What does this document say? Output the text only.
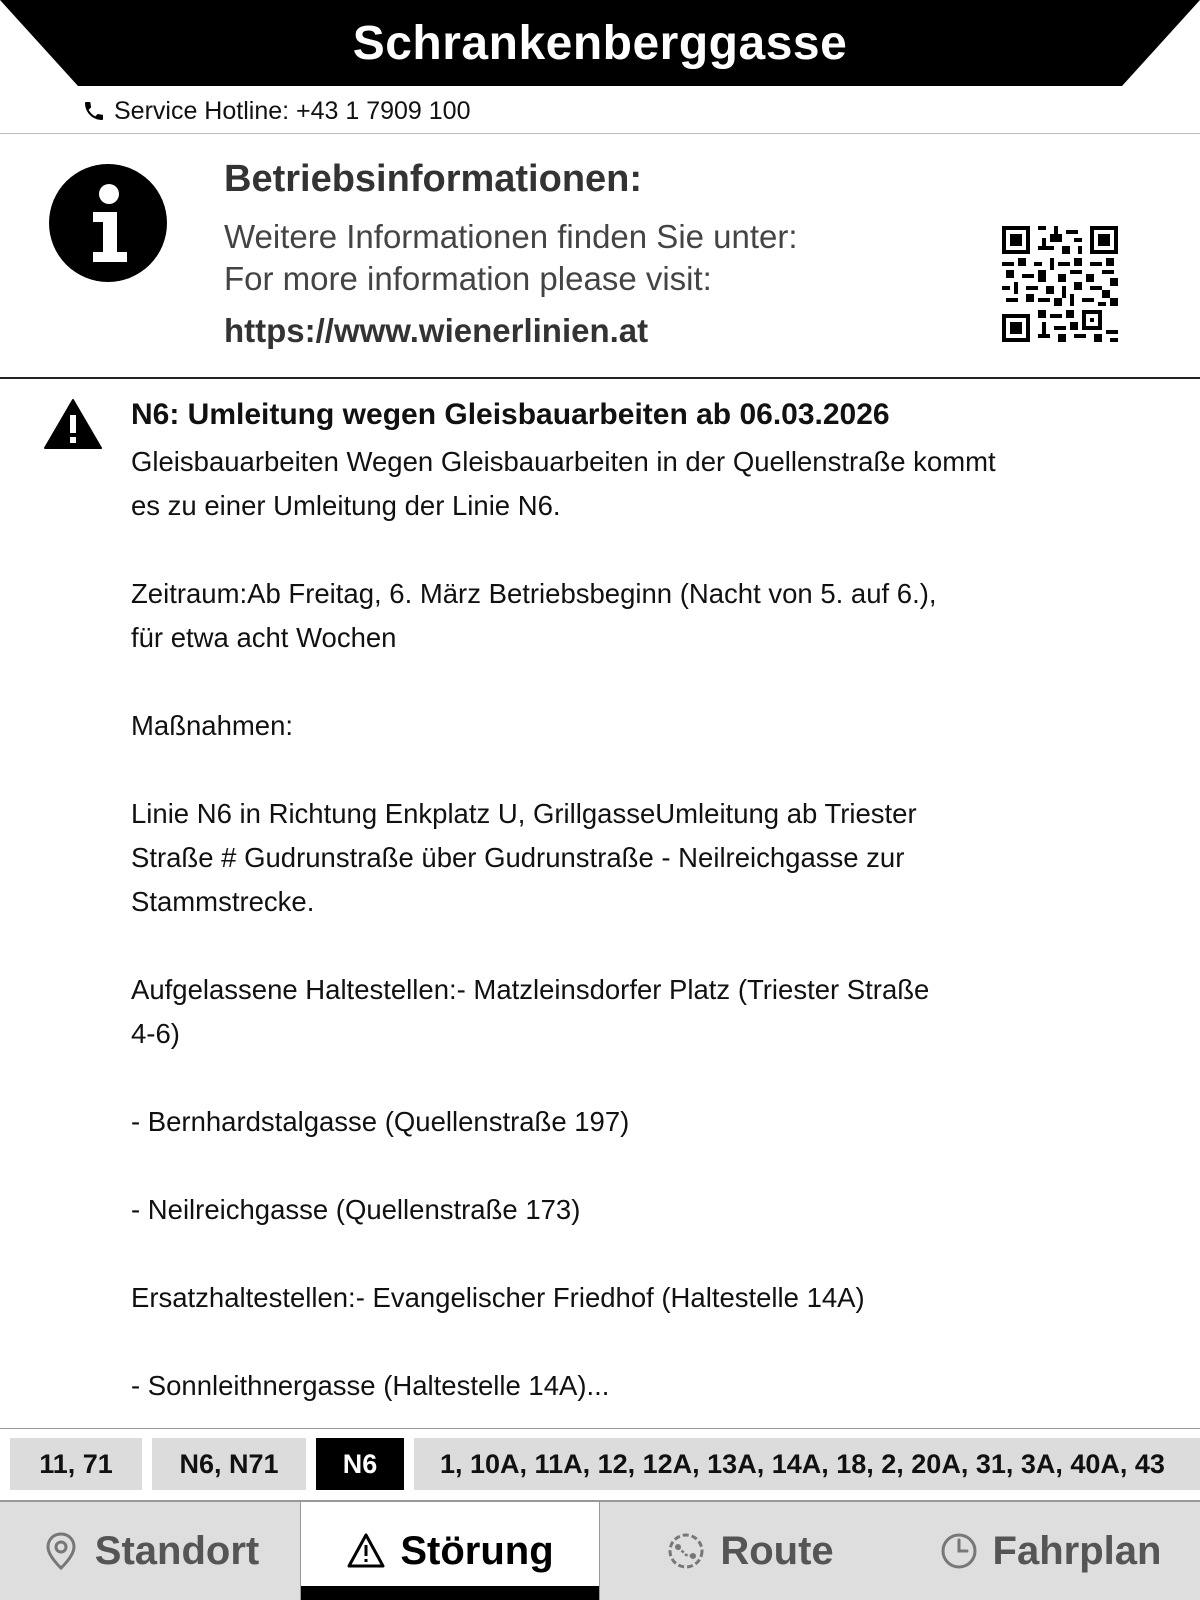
Schrankenberggasse
Service Hotline: +43 1 7909 100
Betriebsinformationen:
Weitere Informationen finden Sie unter:
For more information please visit:
https://www.wienerlinien.at
N6: Umleitung wegen Gleisbauarbeiten ab 06.03.2026
Gleisbauarbeiten Wegen Gleisbauarbeiten in der Quellenstraße kommt
es zu einer Umleitung der Linie N6.

Zeitraum:Ab Freitag, 6. März Betriebsbeginn (Nacht von 5. auf 6.),
für etwa acht Wochen

Maßnahmen:

Linie N6 in Richtung Enkplatz U, GrillgasseUmleitung ab Triester
Straße # Gudrunstraße über Gudrunstraße - Neilreichgasse zur
Stammstrecke.

Aufgelassene Haltestellen:- Matzleinsdorfer Platz (Triester Straße
4-6)

- Bernhardstalgasse (Quellenstraße 197)

- Neilreichgasse (Quellenstraße 173)

Ersatzhaltestellen:- Evangelischer Friedhof (Haltestelle 14A)

- Sonnleithnergasse (Haltestelle 14A)...
11, 71	N6, N71	N6	1, 10A, 11A, 12, 12A, 13A, 14A, 18, 2, 20A, 31, 3A, 40A, 43
Standort	Störung	Route	Fahrplan
